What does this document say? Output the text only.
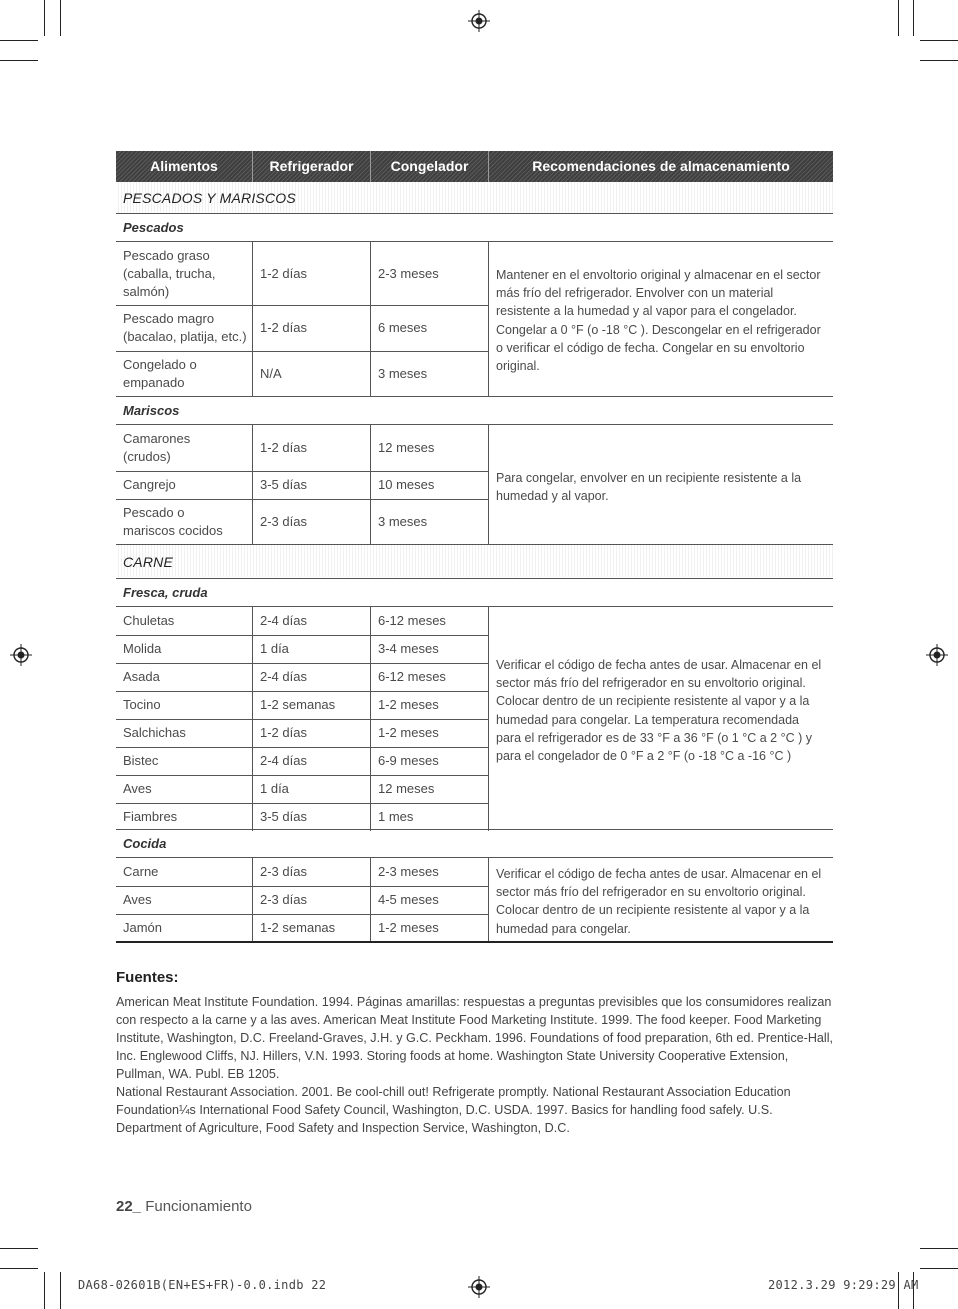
Alimentos	Refrigerador	Congelador	Recomendaciones de almacenamiento
PESCADOS Y MARISCOS
Pescados
Pescado graso
(caballa, trucha,
salmón)
1-2 días	2-3 meses
Pescado magro
(bacalao, platija, etc.)
1-2 días	6 meses
Congelado o
empanado
N/A	3 meses
Mantener en el envoltorio original y almacenar en el sector más frío del refrigerador. Envolver con un material resistente a la humedad y al vapor para el congelador. Congelar a 0 °F (o -18 °C ). Descongelar en el refrigerador o verificar el código de fecha. Congelar en su envoltorio original.
Mariscos
Camarones
(crudos)
1-2 días	12 meses
Cangrejo	3-5 días	10 meses
Pescado o
mariscos cocidos
2-3 días	3 meses
Para congelar, envolver en un recipiente resistente a la humedad y al vapor.
CARNE
Fresca, cruda
Chuletas	2-4 días	6-12 meses
Molida	1 día	3-4 meses
Asada	2-4 días	6-12 meses
Tocino	1-2 semanas	1-2 meses
Salchichas	1-2 días	1-2 meses
Bistec	2-4 días	6-9 meses
Aves	1 día	12 meses
Fiambres	3-5 días	1 mes
Verificar el código de fecha antes de usar. Almacenar en el sector más frío del refrigerador en su envoltorio original. Colocar dentro de un recipiente resistente al vapor y a la humedad para congelar. La temperatura recomendada para el refrigerador es de 33 °F a 36 °F (o 1 °C a 2 °C ) y para el congelador de 0 °F a 2 °F (o -18 °C a -16 °C )
Cocida
Carne	2-3 días	2-3 meses
Aves	2-3 días	4-5 meses
Jamón	1-2 semanas	1-2 meses
Verificar el código de fecha antes de usar. Almacenar en el sector más frío del refrigerador en su envoltorio original. Colocar dentro de un recipiente resistente al vapor y a la humedad para congelar.
Fuentes:
American Meat Institute Foundation. 1994. Páginas amarillas: respuestas a preguntas previsibles que los consumidores realizan con respecto a la carne y a las aves. American Meat Institute Food Marketing Institute. 1999. The food keeper. Food Marketing Institute, Washington, D.C. Freeland-Graves, J.H. y G.C. Peckham. 1996. Foundations of food preparation, 6th ed. Prentice-Hall, Inc. Englewood Cliffs, NJ. Hillers, V.N. 1993. Storing foods at home. Washington State University Cooperative Extension, Pullman, WA. Publ. EB 1205.
National Restaurant Association. 2001. Be cool-chill out! Refrigerate promptly. National Restaurant Association Education Foundation¼s International Food Safety Council, Washington, D.C. USDA. 1997. Basics for handling food safely. U.S. Department of Agriculture, Food Safety and Inspection Service, Washington, D.C.
22_ Funcionamiento
DA68-02601B(EN+ES+FR)-0.0.indb 22	2012.3.29 9:29:29 AM
